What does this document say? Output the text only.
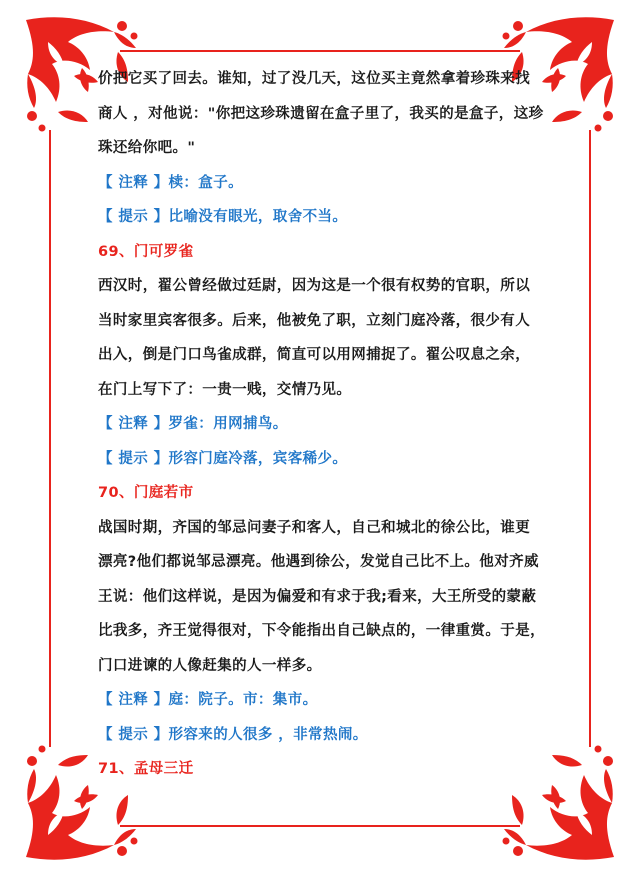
价把它买了回去。谁知，过了没几天，这位买主竟然拿着珍珠来找
商人 ，对他说："你把这珍珠遗留在盒子里了，我买的是盒子，这珍
珠还给你吧。"
【 注释 】椟：盒子。
【 提示 】比喻没有眼光，取舍不当。
69、门可罗雀
西汉时，翟公曾经做过廷尉，因为这是一个很有权势的官职，所以
当时家里宾客很多。后来，他被免了职，立刻门庭冷落，很少有人
出入，倒是门口鸟雀成群，简直可以用网捕捉了。翟公叹息之余，
在门上写下了：一贵一贱，交情乃见。
【 注释 】罗雀：用网捕鸟。
【 提示 】形容门庭冷落，宾客稀少。
70、门庭若市
战国时期，齐国的邹忌问妻子和客人，自己和城北的徐公比，谁更
漂亮?他们都说邹忌漂亮。他遇到徐公，发觉自己比不上。他对齐威
王说：他们这样说，是因为偏爱和有求于我;看来，大王所受的蒙蔽
比我多，齐王觉得很对，下令能指出自己缺点的，一律重赏。于是，
门口进谏的人像赶集的人一样多。
【 注释 】庭：院子。市：集市。
【 提示 】形容来的人很多 ，非常热闹。
71、孟母三迁
